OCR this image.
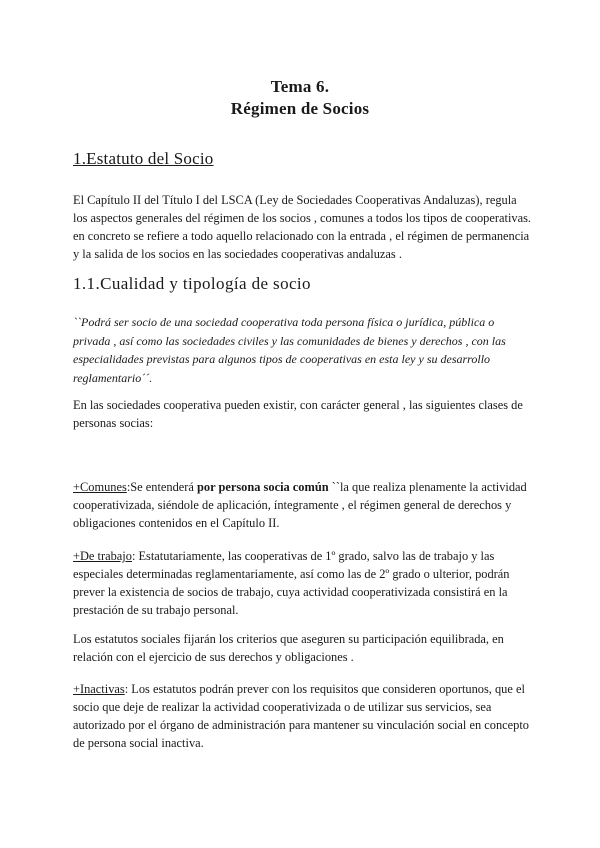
Tema 6.
Régimen de Socios
1.Estatuto del Socio

El Capítulo II del Título I del LSCA (Ley de Sociedades Cooperativas Andaluzas), regula los aspectos generales del régimen de los socios , comunes a todos los tipos de cooperativas. en concreto se refiere a todo aquello relacionado con la entrada , el régimen de permanencia y la salida de los socios en las sociedades cooperativas andaluzas .

1.1.Cualidad y tipología de socio

``Podrá ser socio de una sociedad cooperativa toda persona física o jurídica, pública o privada , así como las sociedades civiles y las comunidades de bienes y derechos , con las especialidades previstas para algunos tipos de cooperativas en esta ley y su desarrollo reglamentario´´.

En las sociedades cooperativa pueden existir, con carácter general , las siguientes clases de personas socias:

+Comunes:Se entenderá por persona socia común ``la que realiza plenamente la actividad cooperativizada, siéndole de aplicación, íntegramente , el régimen general de derechos y obligaciones contenidos en el Capítulo II.

+De trabajo: Estatutariamente, las cooperativas de 1º grado, salvo las de trabajo y las especiales determinadas reglamentariamente, así como las de 2º grado o ulterior, podrán prever la existencia de socios de trabajo, cuya actividad cooperativizada consistirá en la prestación de su trabajo personal.

Los estatutos sociales fijarán los criterios que aseguren su participación equilibrada, en relación con el ejercicio de sus derechos y obligaciones .

+Inactivas: Los estatutos podrán prever con los requisitos que consideren oportunos, que el socio que deje de realizar la actividad cooperativizada o de utilizar sus servicios, sea autorizado por el órgano de administración para mantener su vinculación social en concepto de persona social inactiva.
